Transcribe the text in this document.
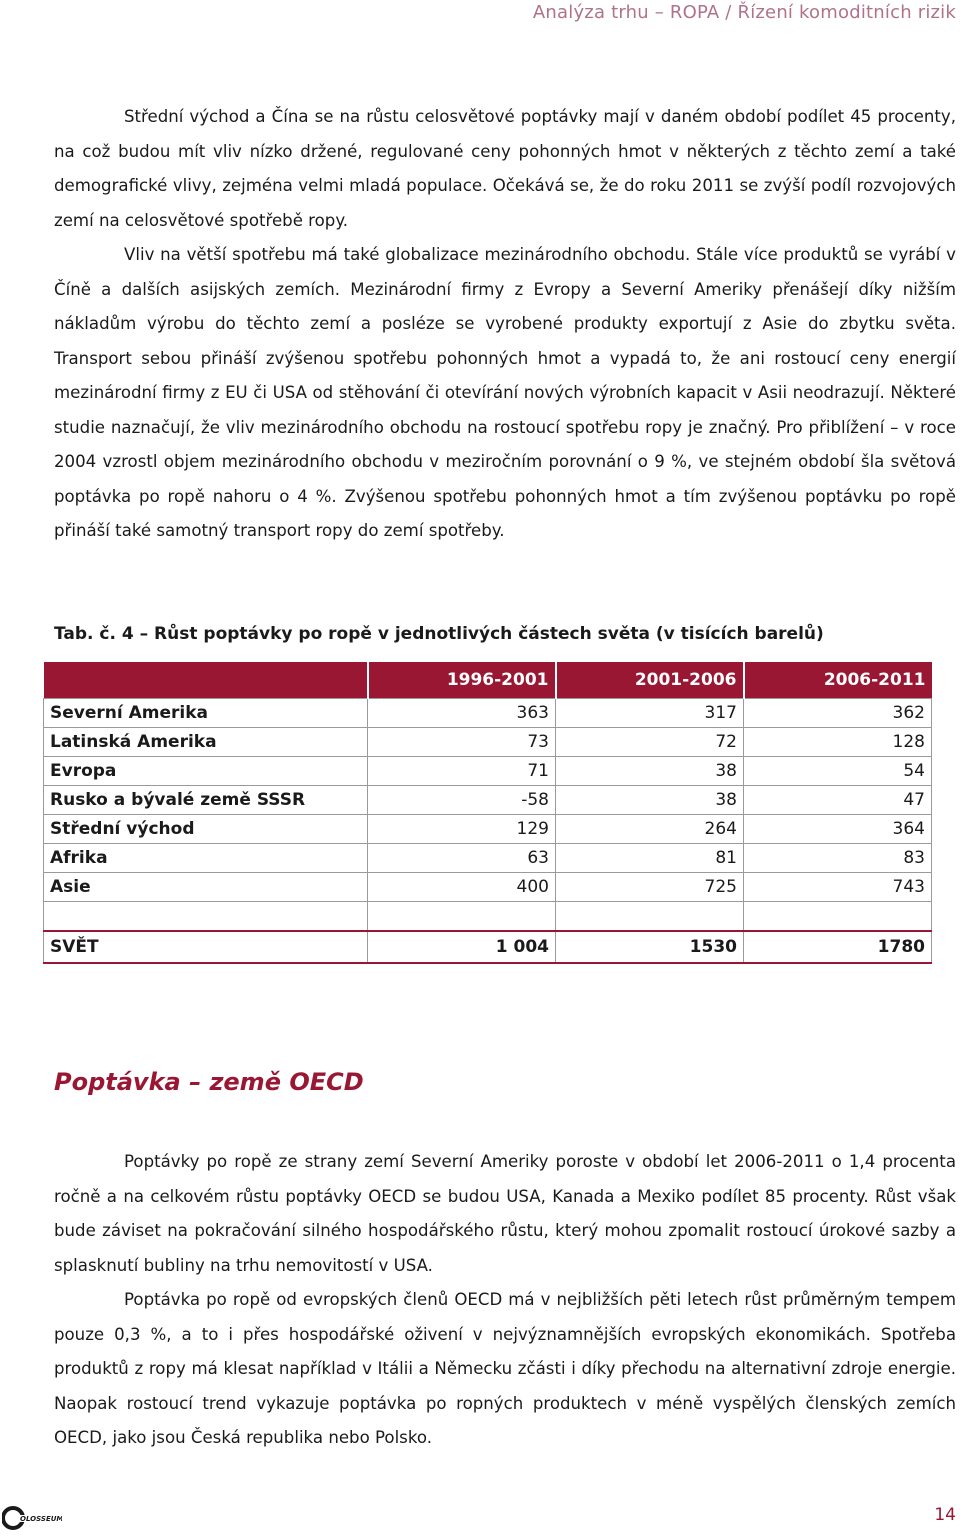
Analýza trhu – ROPA / Řízení komoditních rizik

Střední východ a Čína se na růstu celosvětové poptávky mají v daném období podílet 45 procenty, na což budou mít vliv nízko držené, regulované ceny pohonných hmot v některých z těchto zemí a také demografické vlivy, zejména velmi mladá populace. Očekává se, že do roku 2011 se zvýší podíl rozvojových zemí na celosvětové spotřebě ropy.

Vliv na větší spotřebu má také globalizace mezinárodního obchodu. Stále více produktů se vyrábí v Číně a dalších asijských zemích. Mezinárodní firmy z Evropy a Severní Ameriky přenášejí díky nižším nákladům výrobu do těchto zemí a posléze se vyrobené produkty exportují z Asie do zbytku světa. Transport sebou přináší zvýšenou spotřebu pohonných hmot a vypadá to, že ani rostoucí ceny energií mezinárodní firmy z EU či USA od stěhování či otevírání nových výrobních kapacit v Asii neodrazují. Některé studie naznačují, že vliv mezinárodního obchodu na rostoucí spotřebu ropy je značný. Pro přiblížení – v roce 2004 vzrostl objem mezinárodního obchodu v meziročním porovnání o 9 %, ve stejném období šla světová poptávka po ropě nahoru o 4 %. Zvýšenou spotřebu pohonných hmot a tím zvýšenou poptávku po ropě přináší také samotný transport ropy do zemí spotřeby.

Tab. č. 4 – Růst poptávky po ropě v jednotlivých částech světa (v tisících barelů)
	1996-2001	2001-2006	2006-2011
Severní Amerika	363	317	362
Latinská Amerika	73	72	128
Evropa	71	38	54
Rusko a bývalé země SSSR	-58	38	47
Střední východ	129	264	364
Afrika	63	81	83
Asie	400	725	743

SVĚT	1 004	1530	1780
Poptávka – země OECD

Poptávky po ropě ze strany zemí Severní Ameriky poroste v období let 2006-2011 o 1,4 procenta ročně a na celkovém růstu poptávky OECD se budou USA, Kanada a Mexiko podílet 85 procenty. Růst však bude záviset na pokračování silného hospodářského růstu, který mohou zpomalit rostoucí úrokové sazby a splasknutí bubliny na trhu nemovitostí v USA.

Poptávka po ropě od evropských členů OECD má v nejbližších pěti letech růst průměrným tempem pouze 0,3 %, a to i přes hospodářské oživení v nejvýznamnějších evropských ekonomikách. Spotřeba produktů z ropy má klesat například v Itálii a Německu zčásti i díky přechodu na alternativní zdroje energie. Naopak rostoucí trend vykazuje poptávka po ropných produktech v méně vyspělých členských zemích OECD, jako jsou Česká republika nebo Polsko.

OLOSSEUM	14
